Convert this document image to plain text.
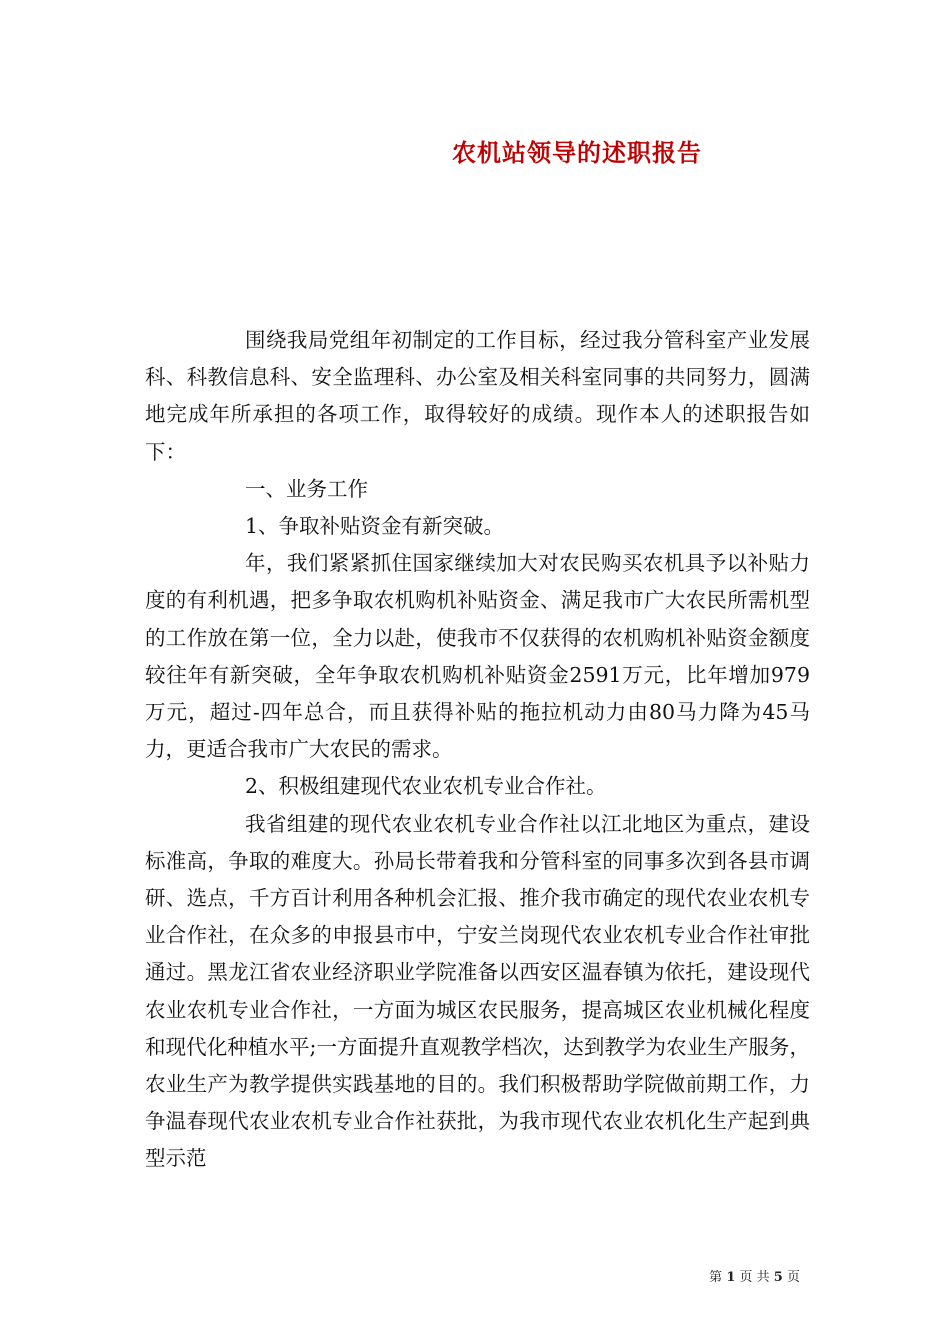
农机站领导的述职报告

围绕我局党组年初制定的工作目标，经过我分管科室产业发展科、科教信息科、安全监理科、办公室及相关科室同事的共同努力，圆满地完成年所承担的各项工作，取得较好的成绩。现作本人的述职报告如下：

一、业务工作

1、争取补贴资金有新突破。

年，我们紧紧抓住国家继续加大对农民购买农机具予以补贴力度的有利机遇，把多争取农机购机补贴资金、满足我市广大农民所需机型的工作放在第一位，全力以赴，使我市不仅获得的农机购机补贴资金额度较往年有新突破，全年争取农机购机补贴资金2591万元，比年增加979万元，超过-四年总合，而且获得补贴的拖拉机动力由80马力降为45马力，更适合我市广大农民的需求。

2、积极组建现代农业农机专业合作社。

我省组建的现代农业农机专业合作社以江北地区为重点，建设标准高，争取的难度大。孙局长带着我和分管科室的同事多次到各县市调研、选点，千方百计利用各种机会汇报、推介我市确定的现代农业农机专业合作社，在众多的申报县市中，宁安兰岗现代农业农机专业合作社审批通过。黑龙江省农业经济职业学院准备以西安区温春镇为依托，建设现代农业农机专业合作社，一方面为城区农民服务，提高城区农业机械化程度和现代化种植水平;一方面提升直观教学档次，达到教学为农业生产服务，农业生产为教学提供实践基地的目的。我们积极帮助学院做前期工作，力争温春现代农业农机专业合作社获批，为我市现代农业农机化生产起到典型示范

第 1 页 共 5 页
